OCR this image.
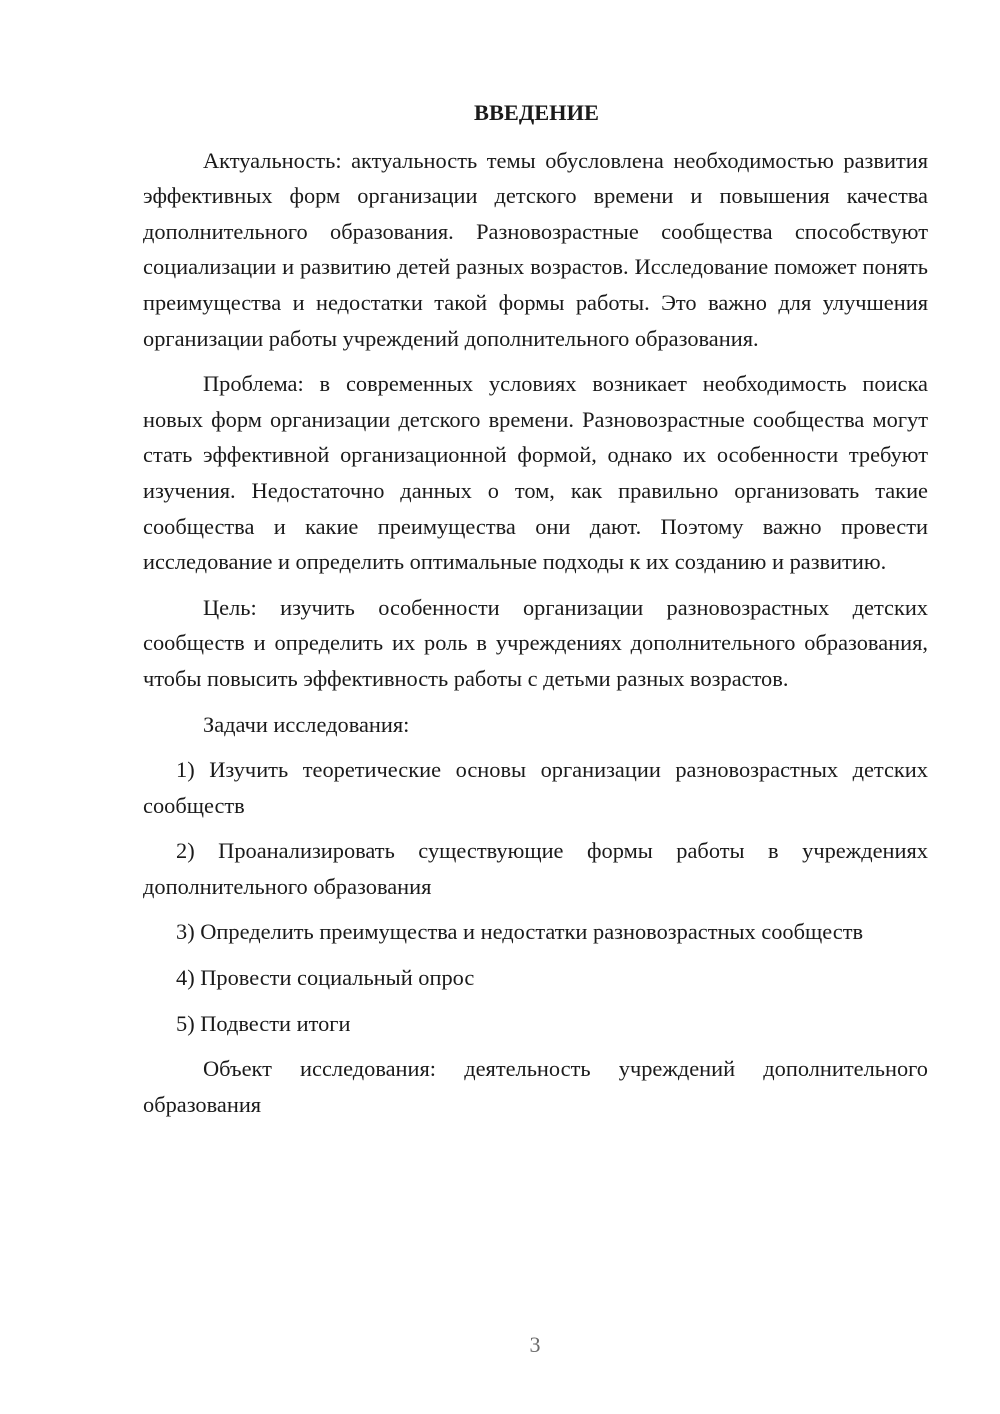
ВВЕДЕНИЕ

Актуальность: актуальность темы обусловлена необходимостью развития эффективных форм организации детского времени и повышения качества дополнительного образования. Разновозрастные сообщества способствуют социализации и развитию детей разных возрастов. Исследование поможет понять преимущества и недостатки такой формы работы. Это важно для улучшения организации работы учреждений дополнительного образования.

Проблема: в современных условиях возникает необходимость поиска новых форм организации детского времени. Разновозрастные сообщества могут стать эффективной организационной формой, однако их особенности требуют изучения. Недостаточно данных о том, как правильно организовать такие сообщества и какие преимущества они дают. Поэтому важно провести исследование и определить оптимальные подходы к их созданию и развитию.

Цель: изучить особенности организации разновозрастных детских сообществ и определить их роль в учреждениях дополнительного образования, чтобы повысить эффективность работы с детьми разных возрастов.

Задачи исследования:

1) Изучить теоретические основы организации разновозрастных детских сообществ

2) Проанализировать существующие формы работы в учреждениях дополнительного образования

3) Определить преимущества и недостатки разновозрастных сообществ

4) Провести социальный опрос

5) Подвести итоги

Объект исследования: деятельность учреждений дополнительного образования

3
